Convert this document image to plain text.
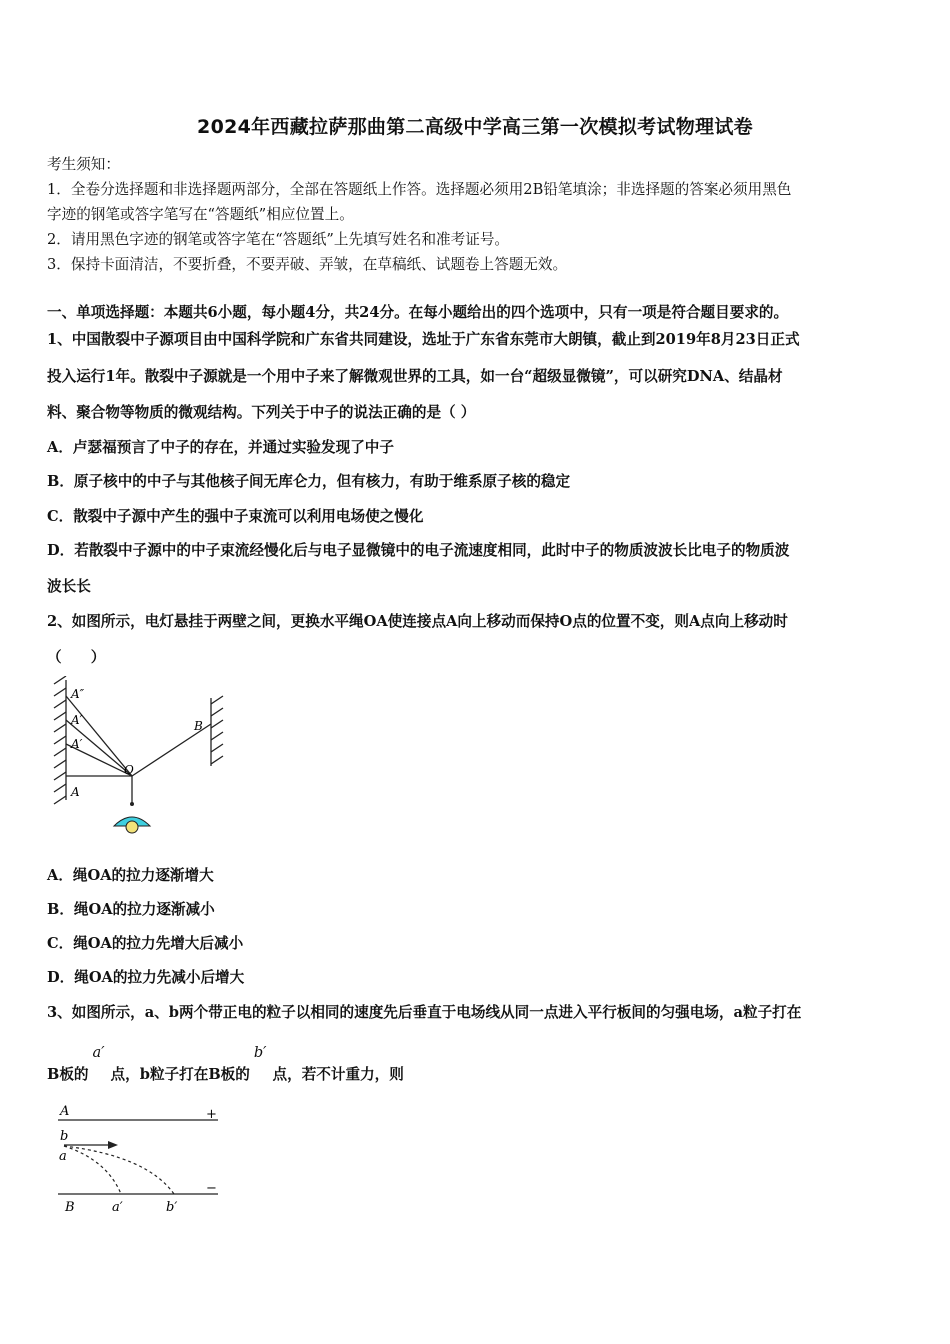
2024年西藏拉萨那曲第二高级中学高三第一次模拟考试物理试卷
考生须知：
1．全卷分选择题和非选择题两部分，全部在答题纸上作答。选择题必须用2B铅笔填涂；非选择题的答案必须用黑色
字迹的钢笔或答字笔写在“答题纸”相应位置上。
2．请用黑色字迹的钢笔或答字笔在“答题纸”上先填写姓名和准考证号。
3．保持卡面清洁，不要折叠，不要弄破、弄皱，在草稿纸、试题卷上答题无效。
一、单项选择题：本题共6小题，每小题4分，共24分。在每小题给出的四个选项中，只有一项是符合题目要求的。
1、中国散裂中子源项目由中国科学院和广东省共同建设，选址于广东省东莞市大朗镇，截止到2019年8月23日正式
投入运行1年。散裂中子源就是一个用中子来了解微观世界的工具，如一台“超级显微镜”，可以研究DNA、结晶材
料、聚合物等物质的微观结构。下列关于中子的说法正确的是（ ）
A．卢瑟福预言了中子的存在，并通过实验发现了中子
B．原子核中的中子与其他核子间无库仑力，但有核力，有助于维系原子核的稳定
C．散裂中子源中产生的强中子束流可以利用电场使之慢化
D．若散裂中子源中的中子束流经慢化后与电子显微镜中的电子流速度相同，此时中子的物质波波长比电子的物质波
波长长
2、如图所示，电灯悬挂于两壁之间，更换水平绳OA使连接点A向上移动而保持O点的位置不变，则A点向上移动时
（　　）
A″
A′
A′
A
O
B
A．绳OA的拉力逐渐增大
B．绳OA的拉力逐渐减小
C．绳OA的拉力先增大后减小
D．绳OA的拉力先减小后增大
3、如图所示，a、b两个带正电的粒子以相同的速度先后垂直于电场线从同一点进入平行板间的匀强电场，a粒子打在
B板的a′点，b粒子打在B板的b′点，若不计重力，则
A	+
b
a
B
−
a′	b′
